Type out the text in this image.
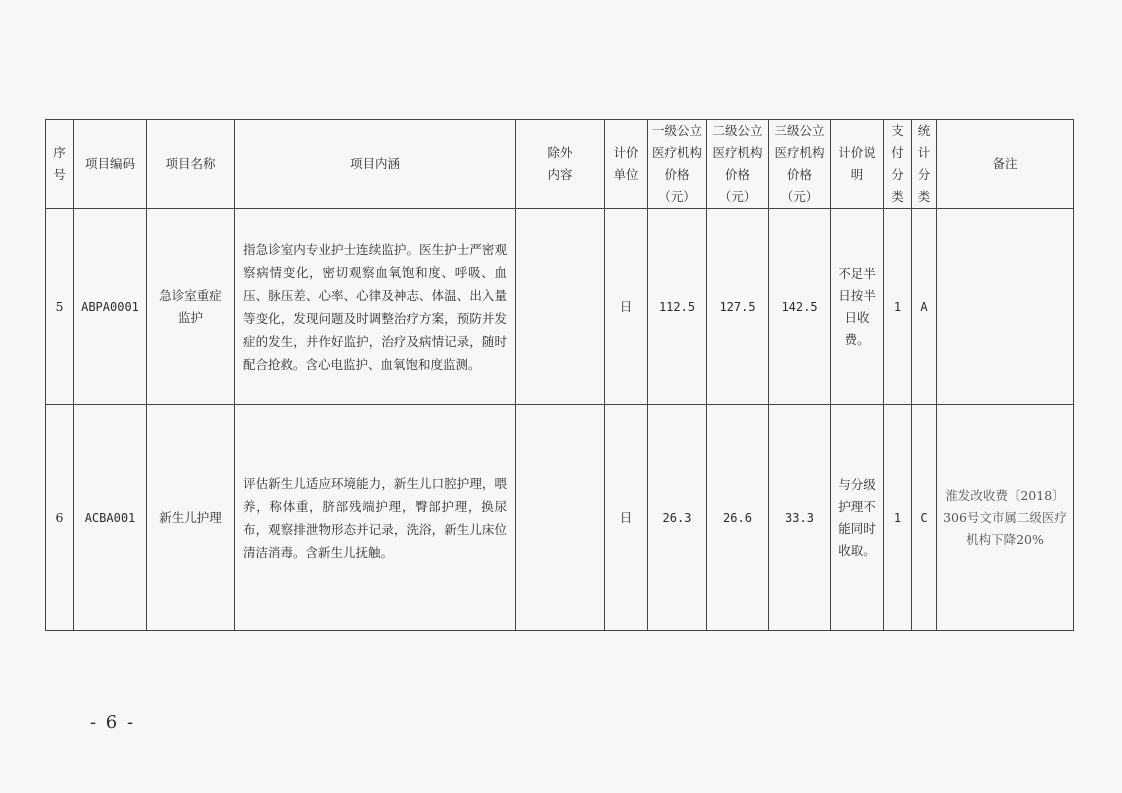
序号	项目编码	项目名称	项目内涵	除外内容	计价单位	一级公立医疗机构价格（元）	二级公立医疗机构价格（元）	三级公立医疗机构价格（元）	计价说明	支付分类	统计分类	备注
5	ABPA0001	急诊室重症监护	指急诊室内专业护士连续监护。医生护士严密观察病情变化，密切观察血氧饱和度、呼吸、血压、脉压差、心率、心律及神志、体温、出入量等变化，发现问题及时调整治疗方案，预防并发症的发生，并作好监护，治疗及病情记录，随时配合抢救。含心电监护、血氧饱和度监测。		日	112.5	127.5	142.5	不足半日按半日收费。	1	A	
6	ACBA001	新生儿护理	评估新生儿适应环境能力，新生儿口腔护理，喂养，称体重，脐部残端护理，臀部护理，换尿布，观察排泄物形态并记录，洗浴，新生儿床位清洁消毒。含新生儿抚触。		日	26.3	26.6	33.3	与分级护理不能同时收取。	1	C	淮发改收费〔2018〕306号文市属二级医疗机构下降20%
- 6 -
